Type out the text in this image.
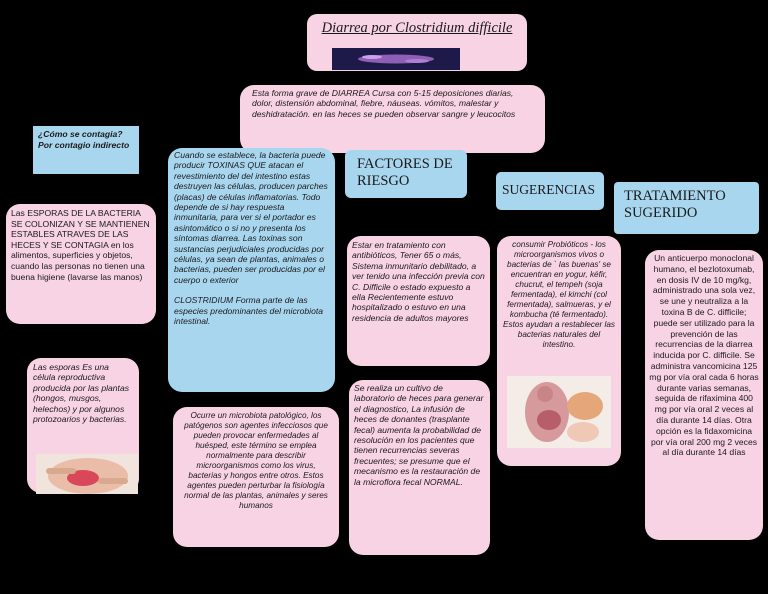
Diarrea por Clostridium difficile
Esta forma grave de DIARREA Cursa con 5-15 deposiciones diarias, dolor, distensión abdominal, fiebre, náuseas. vómitos, malestar y deshidratación. en las heces se pueden observar sangre y leucocitos
¿Cómo se contagia? Por contagio indirecto
Las ESPORAS DE LA BACTERIA SE COLONIZAN Y SE MANTIENEN ESTABLES ATRAVES DE LAS HECES Y SE CONTAGIA en los alimentos, superficies y objetos, cuando las personas no tienen una buena higiene (lavarse las manos)
Las esporas Es una célula reproductiva producida por las plantas (hongos, musgos, helechos) y por algunos protozoarios y bacterias.
Cuando se establece, la bacteria puede producir TOXINAS QUE atacan el revestimiento del del intestino estas destruyen las células, producen parches (placas) de células inflamatorias. Todo depende de si hay respuesta inmunitaria, para ver si el portador es asintomático o si no y presenta los síntomas diarrea. Las toxinas son sustancias perjudiciales producidas por células, ya sean de plantas, animales o bacterias, pueden ser producidas por el cuerpo o exterior
CLOSTRIDIUM Forma parte de las especies predominantes del microbiota intestinal.
Ocurre un microbiota patológico, los patógenos son agentes infecciosos que pueden provocar enfermedades al huésped, este término se emplea normalmente para describir microorganismos como los virus, bacterias y hongos entre otros. Estos agentes pueden perturbar la fisiología normal de las plantas, animales y seres humanos
FACTORES DE RIESGO
Estar en tratamiento con antibióticos, Tener 65 o más, Sistema inmunitario debilitado, a ver tenido una infección previa con C. Difficile o estado expuesto a ella Recientemente estuvo hospitalizado o estuvo en una residencia de adultos mayores
Se realiza un cultivo de laboratorio de heces para generar el diagnostico, La infusión de heces de donantes (trasplante fecal) aumenta la probabilidad de resolución en los pacientes que tienen recurrencias severas frecuentes; se presume que el mecanismo es la restauración de la microflora fecal NORMAL.
SUGERENCIAS
consumir Probióticos - los microorganismos vivos o bacterias de ` las buenas' se encuentran en yogur, kéfir, chucrut, el tempeh (soja fermentada), el kimchi (col fermentada), salmueras, y el kombucha (té fermentado). Estos ayudan a restablecer las bacterias naturales del intestino.
TRATAMIENTO SUGERIDO
Un anticuerpo monoclonal humano, el bezlotoxumab, en dosis IV de 10 mg/kg, administrado una sola vez, se une y neutraliza a la toxina B de C. difficile; puede ser utilizado para la prevención de las recurrencias de la diarrea inducida por C. difficile. Se administra vancomicina 125 mg por vía oral cada 6 horas durante varias semanas, seguida de rifaximina 400 mg por vía oral 2 veces al día durante 14 días. Otra opción es la fidaxomicina por vía oral 200 mg 2 veces al día durante 14 días
